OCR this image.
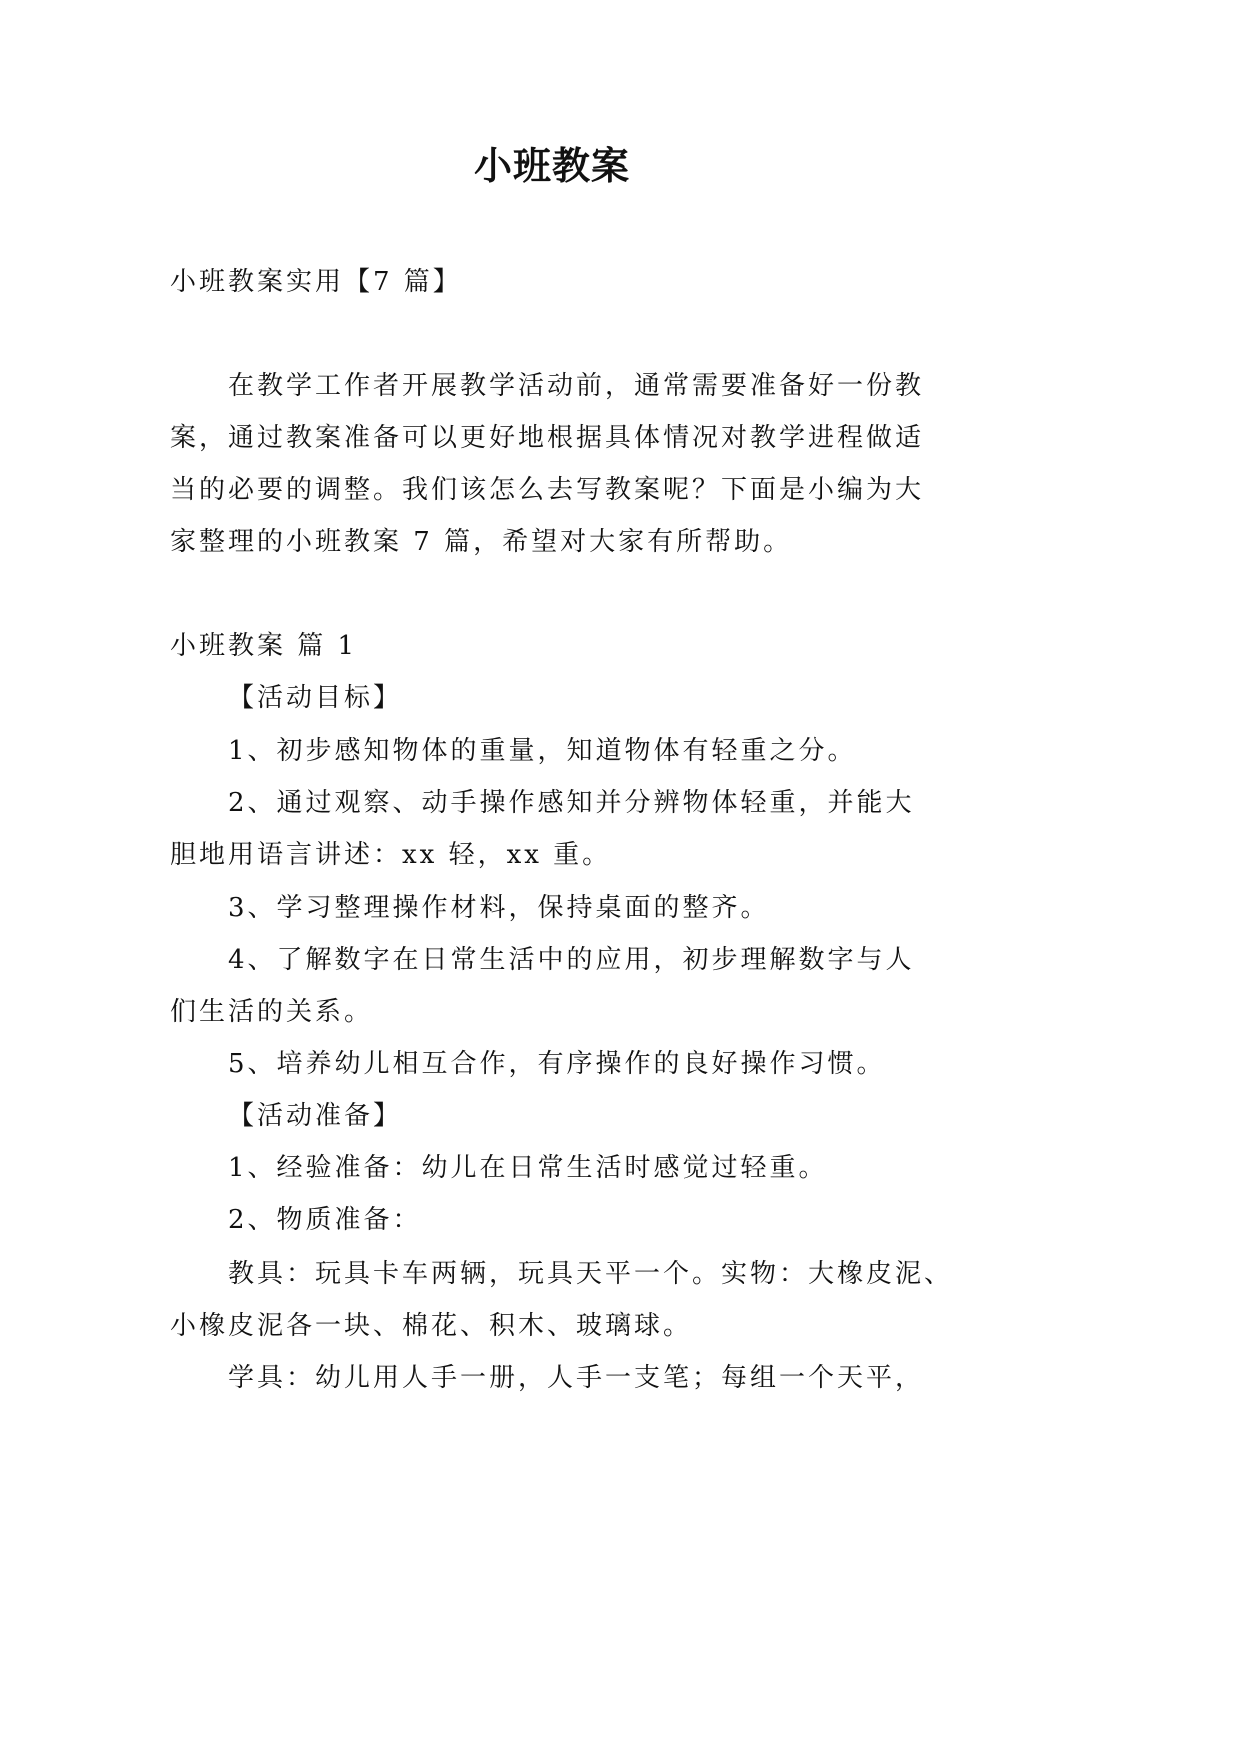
小班教案
小班教案实用【7 篇】
在教学工作者开展教学活动前，通常需要准备好一份教
案，通过教案准备可以更好地根据具体情况对教学进程做适
当的必要的调整。我们该怎么去写教案呢？下面是小编为大
家整理的小班教案 7 篇，希望对大家有所帮助。
小班教案 篇 1
【活动目标】
1、初步感知物体的重量，知道物体有轻重之分。
2、通过观察、动手操作感知并分辨物体轻重，并能大
胆地用语言讲述：xx 轻，xx 重。
3、学习整理操作材料，保持桌面的整齐。
4、了解数字在日常生活中的应用，初步理解数字与人
们生活的关系。
5、培养幼儿相互合作，有序操作的良好操作习惯。
【活动准备】
1、经验准备：幼儿在日常生活时感觉过轻重。
2、物质准备：
教具：玩具卡车两辆，玩具天平一个。实物：大橡皮泥、
小橡皮泥各一块、棉花、积木、玻璃球。
学具：幼儿用人手一册，人手一支笔；每组一个天平，
